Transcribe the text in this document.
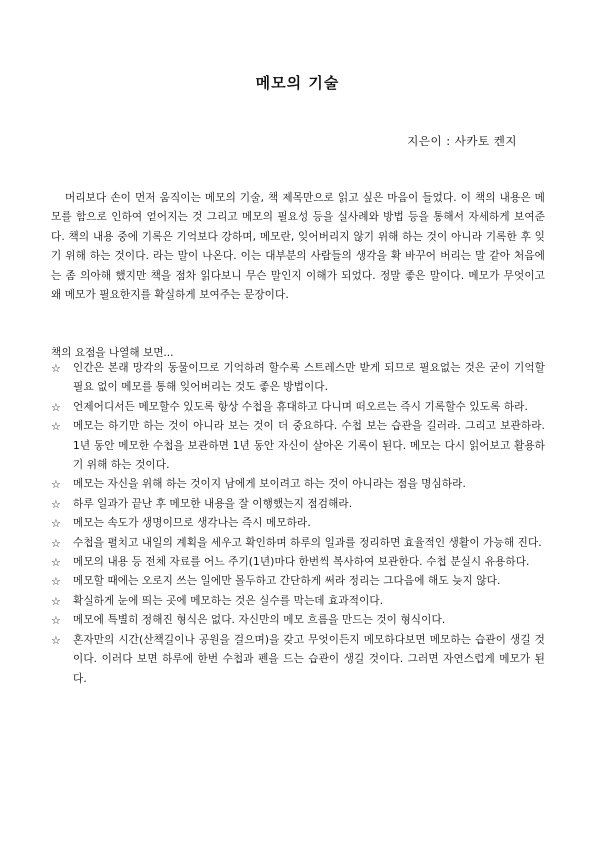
메모의 기술
지은이 : 사카토 켄지

머리보다 손이 먼저 움직이는 메모의 기술, 책 제목만으로 읽고 싶은 마음이 들었다. 이 책의 내용은 메모를 함으로 인하여 얻어지는 것 그리고 메모의 필요성 등을 실사례와 방법 등을 통해서 자세하게 보여준다. 책의 내용 중에 기록은 기억보다 강하며, 메모란, 잊어버리지 않기 위해 하는 것이 아니라 기록한 후 잊기 위해 하는 것이다. 라는 말이 나온다. 이는 대부분의 사람들의 생각을 확 바꾸어 버리는 말 같아 처음에는 좀 의아해 했지만 책을 점차 읽다보니 무슨 말인지 이해가 되었다. 정말 좋은 말이다. 메모가 무엇이고 왜 메모가 필요한지를 확실하게 보여주는 문장이다.

책의 요점을 나열해 보면...
☆ 인간은 본래 망각의 동물이므로 기억하려 할수록 스트레스만 받게 되므로 필요없는 것은 굳이 기억할 필요 없이 메모를 통해 잊어버리는 것도 좋은 방법이다.
☆ 언제어디서든 메모할수 있도록 항상 수첩을 휴대하고 다니며 떠오르는 즉시 기록할수 있도록 하라.
☆ 메모는 하기만 하는 것이 아니라 보는 것이 더 중요하다. 수첩 보는 습관을 길러라. 그리고 보관하라. 1년 동안 메모한 수첩을 보관하면 1년 동안 자신이 살아온 기록이 된다. 메모는 다시 읽어보고 활용하기 위해 하는 것이다.
☆ 메모는 자신을 위해 하는 것이지 남에게 보이려고 하는 것이 아니라는 점을 명심하라.
☆ 하루 일과가 끝난 후 메모한 내용을 잘 이행했는지 점검해라.
☆ 메모는 속도가 생명이므로 생각나는 즉시 메모하라.
☆ 수첩을 펼치고 내일의 계획을 세우고 확인하며 하루의 일과를 정리하면 효율적인 생활이 가능해 진다.
☆ 메모의 내용 등 전체 자료를 어느 주기(1년)마다 한번씩 복사하여 보관한다. 수첩 분실시 유용하다.
☆ 메모할 때에는 오로지 쓰는 일에만 몰두하고 간단하게 써라 정리는 그다음에 해도 늦지 않다.
☆ 확실하게 눈에 띄는 곳에 메모하는 것은 실수를 막는데 효과적이다.
☆ 메모에 특별히 정해진 형식은 없다. 자신만의 메모 흐름을 만드는 것이 형식이다.
☆ 혼자만의 시간(산책길이나 공원을 걸으며)을 갖고 무엇이든지 메모하다보면 메모하는 습관이 생길 것이다. 이러다 보면 하루에 한번 수첩과 펜을 드는 습관이 생길 것이다. 그러면 자연스럽게 메모가 된다.
